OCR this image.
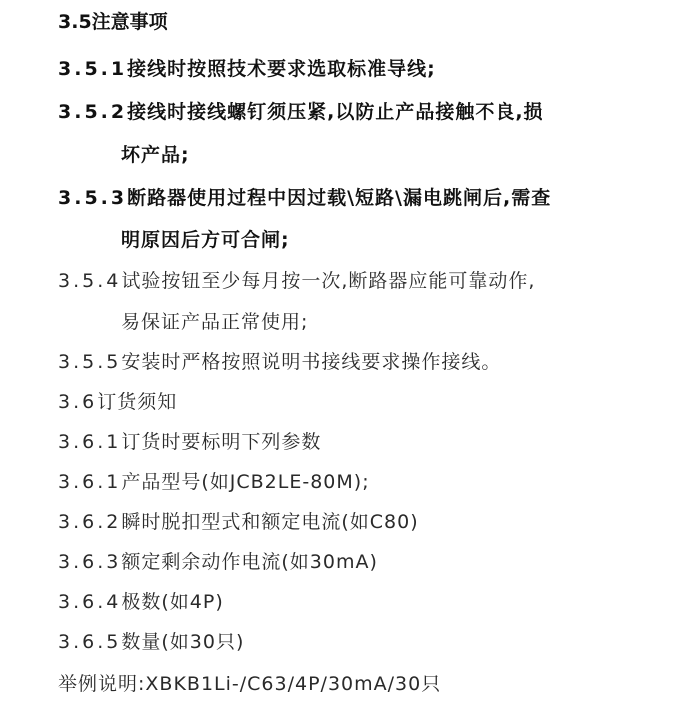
3.5注意事项
3.5.1接线时按照技术要求选取标准导线;
3.5.2接线时接线螺钉须压紧,以防止产品接触不良,损
坏产品;
3.5.3断路器使用过程中因过载\短路\漏电跳闸后,需查
明原因后方可合闸;
3.5.4试验按钮至少每月按一次,断路器应能可靠动作,
易保证产品正常使用;
3.5.5安装时严格按照说明书接线要求操作接线。
3.6订货须知
3.6.1订货时要标明下列参数
3.6.1产品型号(如JCB2LE-80M);
3.6.2瞬时脱扣型式和额定电流(如C80)
3.6.3额定剩余动作电流(如30mA)
3.6.4极数(如4P)
3.6.5数量(如30只)
举例说明:XBKB1Li-/C63/4P/30mA/30只
